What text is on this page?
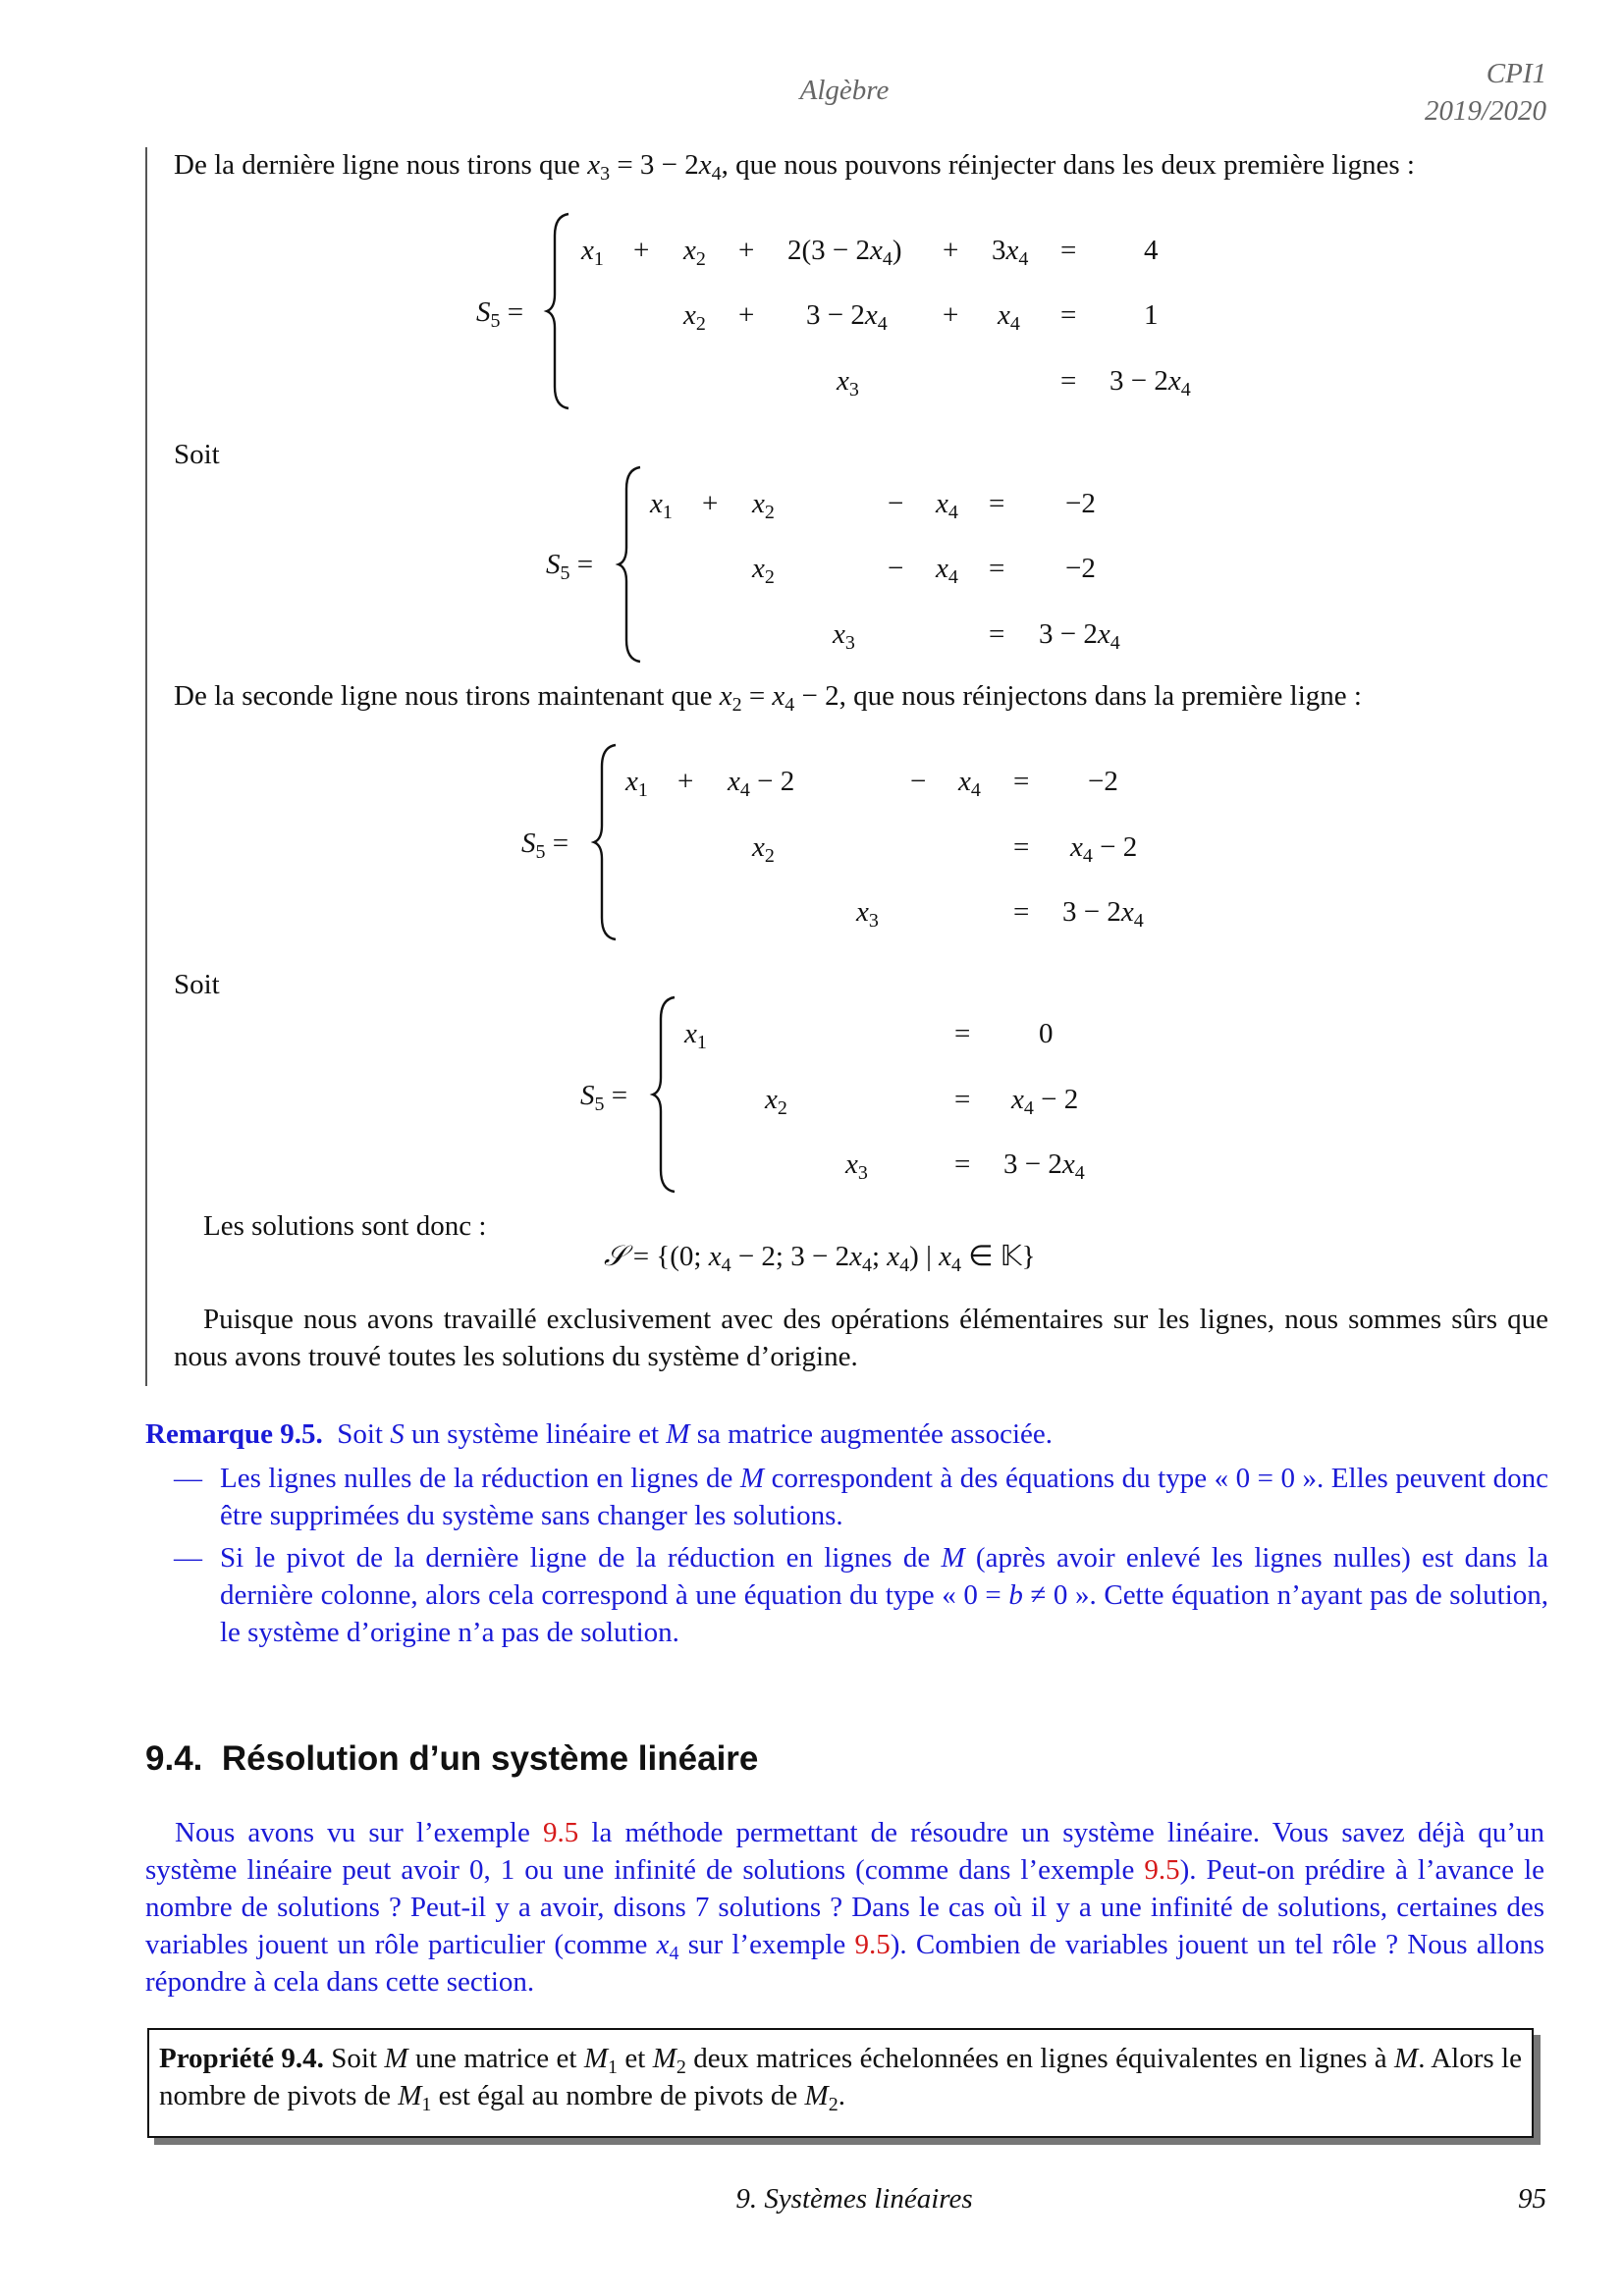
Algèbre
CPI1
2019/2020
De la dernière ligne nous tirons que $x_3 = 3 - 2x_4$, que nous pouvons réinjecter dans les deux première lignes :
$S_5$ =
$x_1 + x_2 + 2(3 - 2x_4) + 3x_4 = 4$
$x_2 + 3 - 2x_4 + x_4 = 1$
$x_3$	= $3 - 2x_4$
Soit
$S_5$ =
$x_1 + x_2$	− $x_4 = -2$
$x_2$	− $x_4 = -2$
$x_3$	= $3 - 2x_4$
De la seconde ligne nous tirons maintenant que $x_2 = x_4 - 2$, que nous réinjectons dans la première ligne :
$S_5$ =
$x_1 + x_4 - 2$	− $x_4 = -2$
$x_2$	= $x_4 - 2$
$x_3$	= $3 - 2x_4$
Soit
$S_5$ =
$x_1$	= 0
$x_2$	= $x_4 - 2$
$x_3$	= $3 - 2x_4$
Les solutions sont donc :
𝒮 = {(0; $x_4 - 2$; $3 - 2x_4$; $x_4$) | $x_4$ ∈ 𝕂}
Puisque nous avons travaillé exclusivement avec des opérations élémentaires sur les lignes, nous sommes sûrs que nous avons trouvé toutes les solutions du système d’origine.
Remarque 9.5.  Soit S un système linéaire et M sa matrice augmentée associée.
— Les lignes nulles de la réduction en lignes de M correspondent à des équations du type « 0 = 0 ». Elles peuvent donc être supprimées du système sans changer les solutions.
— Si le pivot de la dernière ligne de la réduction en lignes de M (après avoir enlevé les lignes nulles) est dans la dernière colonne, alors cela correspond à une équation du type « 0 = b ≠ 0 ». Cette équation n’ayant pas de solution, le système d’origine n’a pas de solution.
9.4. Résolution d’un système linéaire
Nous avons vu sur l’exemple 9.5 la méthode permettant de résoudre un système linéaire. Vous savez déjà qu’un système linéaire peut avoir 0, 1 ou une infinité de solutions (comme dans l’exemple 9.5). Peut-on prédire à l’avance le nombre de solutions ? Peut-il y a avoir, disons 7 solutions ? Dans le cas où il y a une infinité de solutions, certaines des variables jouent un rôle particulier (comme $x_4$ sur l’exemple 9.5). Combien de variables jouent un tel rôle ? Nous allons répondre à cela dans cette section.
Propriété 9.4. Soit M une matrice et $M_1$ et $M_2$ deux matrices échelonnées en lignes équivalentes en lignes à M. Alors le nombre de pivots de $M_1$ est égal au nombre de pivots de $M_2$.
9. Systèmes linéaires	95
